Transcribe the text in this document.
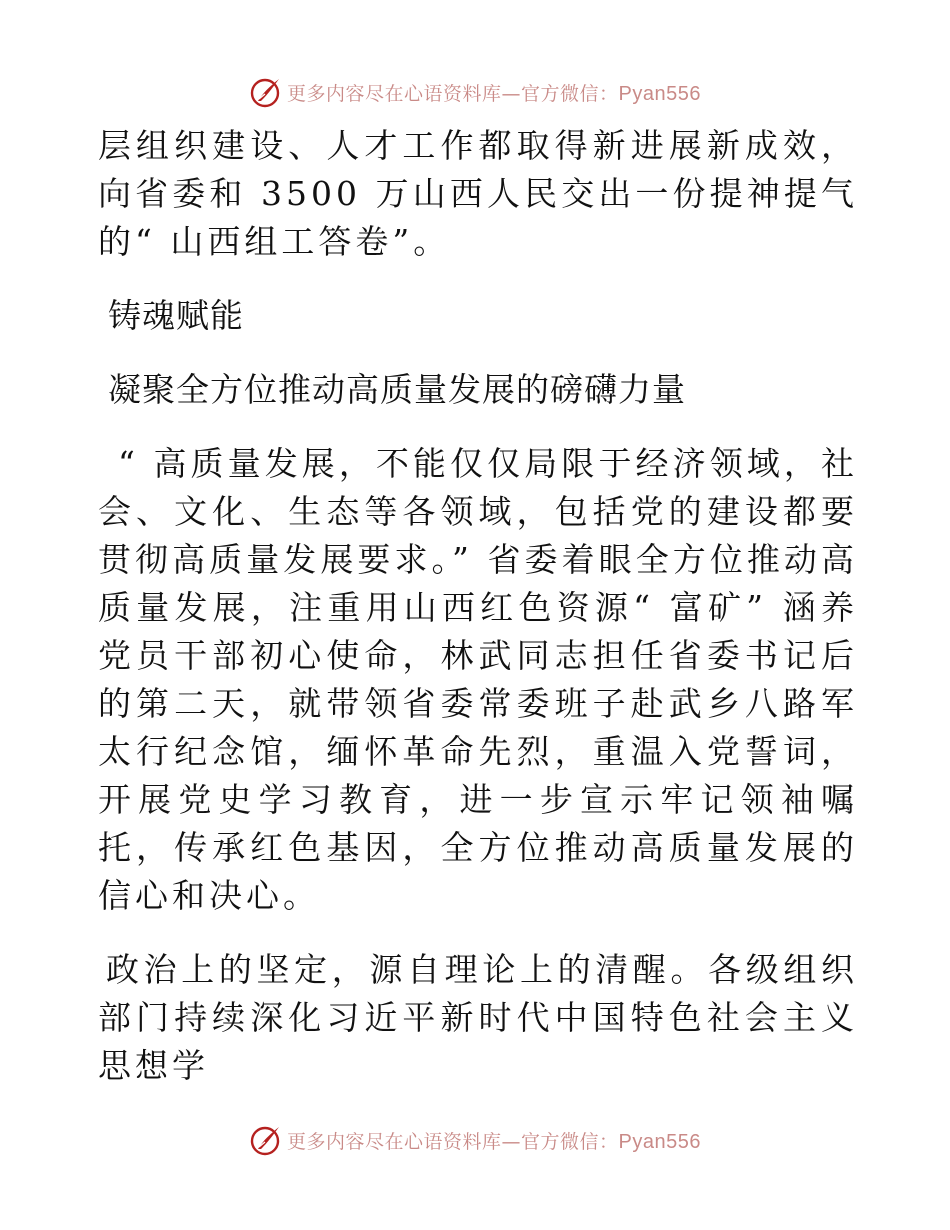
更多内容尽在心语资料库—官方微信：Pyan556

层组织建设、人才工作都取得新进展新成效，向省委和 3500 万山西人民交出一份提神提气的“ 山西组工答卷”。

铸魂赋能

凝聚全方位推动高质量发展的磅礴力量

“ 高质量发展，不能仅仅局限于经济领域，社会、文化、生态等各领域，包括党的建设都要贯彻高质量发展要求。” 省委着眼全方位推动高质量发展，注重用山西红色资源“ 富矿” 涵养党员干部初心使命，林武同志担任省委书记后的第二天，就带领省委常委班子赴武乡八路军太行纪念馆，缅怀革命先烈，重温入党誓词，开展党史学习教育，进一步宣示牢记领袖嘱托，传承红色基因，全方位推动高质量发展的信心和决心。

政治上的坚定，源自理论上的清醒。各级组织部门持续深化习近平新时代中国特色社会主义思想学

更多内容尽在心语资料库—官方微信：Pyan556
